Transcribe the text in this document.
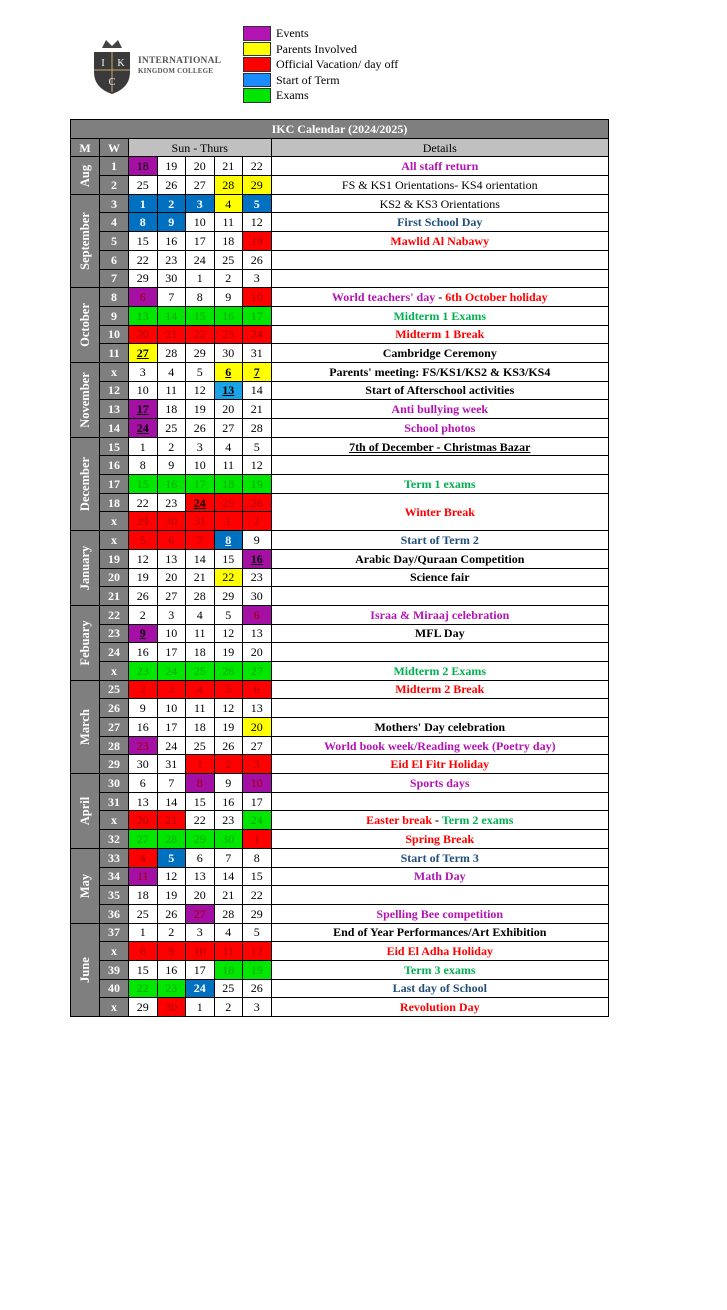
I K
C
INTERNATIONAL
KINGDOM COLLEGE
Events
Parents Involved
Official Vacation/ day off
Start of Term
Exams
IKC Calendar (2024/2025)							
M	W	Sun - Thurs					Details

Aug	1	18	19	20	21	22	All staff return
	2	25	26	27	28	29	FS & KS1 Orientations- KS4 orientation

September	3	1	2	3	4	5	KS2 & KS3 Orientations
	4	8	9	10	11	12	First School Day
	5	15	16	17	18	19	Mawlid Al Nabawy
	6	22	23	24	25	26	
	7	29	30	1	2	3	

October	8	6	7	8	9	10	World teachers' day - 6th October holiday
	9	13	14	15	16	17	Midterm 1 Exams
	10	20	21	22	23	24	Midterm 1 Break
	11	27	28	29	30	31	Cambridge Ceremony

November	x	3	4	5	6	7	Parents' meeting: FS/KS1/KS2 & KS3/KS4
	12	10	11	12	13	14	Start of Afterschool activities
	13	17	18	19	20	21	Anti bullying week
	14	24	25	26	27	28	School photos

December	15	1	2	3	4	5	7th of December - Christmas Bazar
	16	8	9	10	11	12	
	17	15	16	17	18	19	Term 1 exams
	18	22	23	24	25	26	Winter Break
	x	29	30	31	1	2	

January	x	5	6	7	8	9	Start of Term 2
	19	12	13	14	15	16	Arabic Day/Quraan Competition
	20	19	20	21	22	23	Science fair
	21	26	27	28	29	30	

Febuary	22	2	3	4	5	6	Israa & Miraaj celebration
	23	9	10	11	12	13	MFL Day
	24	16	17	18	19	20	
	x	23	24	25	26	27	Midterm 2 Exams

March	25	2	3	4	5	6	Midterm 2 Break
	26	9	10	11	12	13	
	27	16	17	18	19	20	Mothers' Day celebration
	28	23	24	25	26	27	World book week/Reading week (Poetry day)
	29	30	31	1	2	3	Eid El Fitr Holiday

April	30	6	7	8	9	10	Sports days
	31	13	14	15	16	17	
	x	20	21	22	23	24	Easter break - Term 2 exams
	32	27	28	29	30	1	Spring Break

May	33	4	5	6	7	8	Start of Term 3
	34	11	12	13	14	15	Math Day
	35	18	19	20	21	22	
	36	25	26	27	28	29	Spelling Bee competition

June	37	1	2	3	4	5	End of Year Performances/Art Exhibition
	x	8	9	10	11	12	Eid El Adha Holiday
	39	15	16	17	18	19	Term 3 exams
	40	22	23	24	25	26	Last day of School
	x	29	30	1	2	3	Revolution Day
